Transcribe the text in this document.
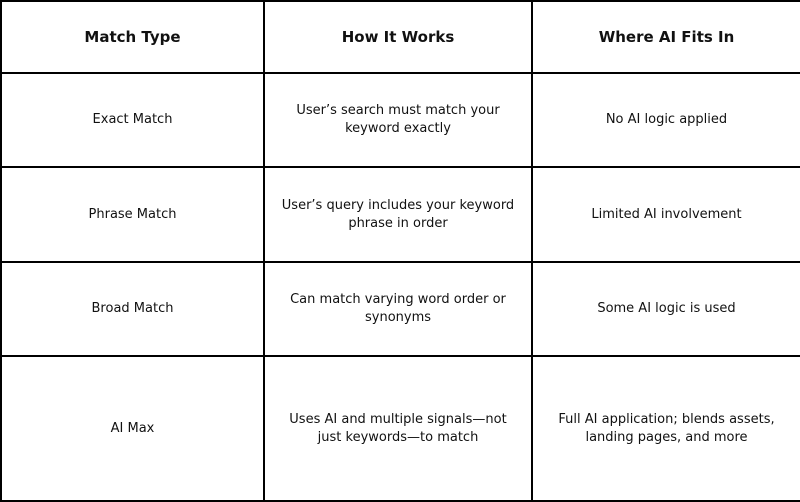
Match Type	How It Works	Where AI Fits In
Exact Match	User’s search must match your keyword exactly	No AI logic applied
Phrase Match	User’s query includes your keyword phrase in order	Limited AI involvement
Broad Match	Can match varying word order or synonyms	Some AI logic is used
AI Max	Uses AI and multiple signals—not just keywords—to match	Full AI application; blends assets, landing pages, and more
